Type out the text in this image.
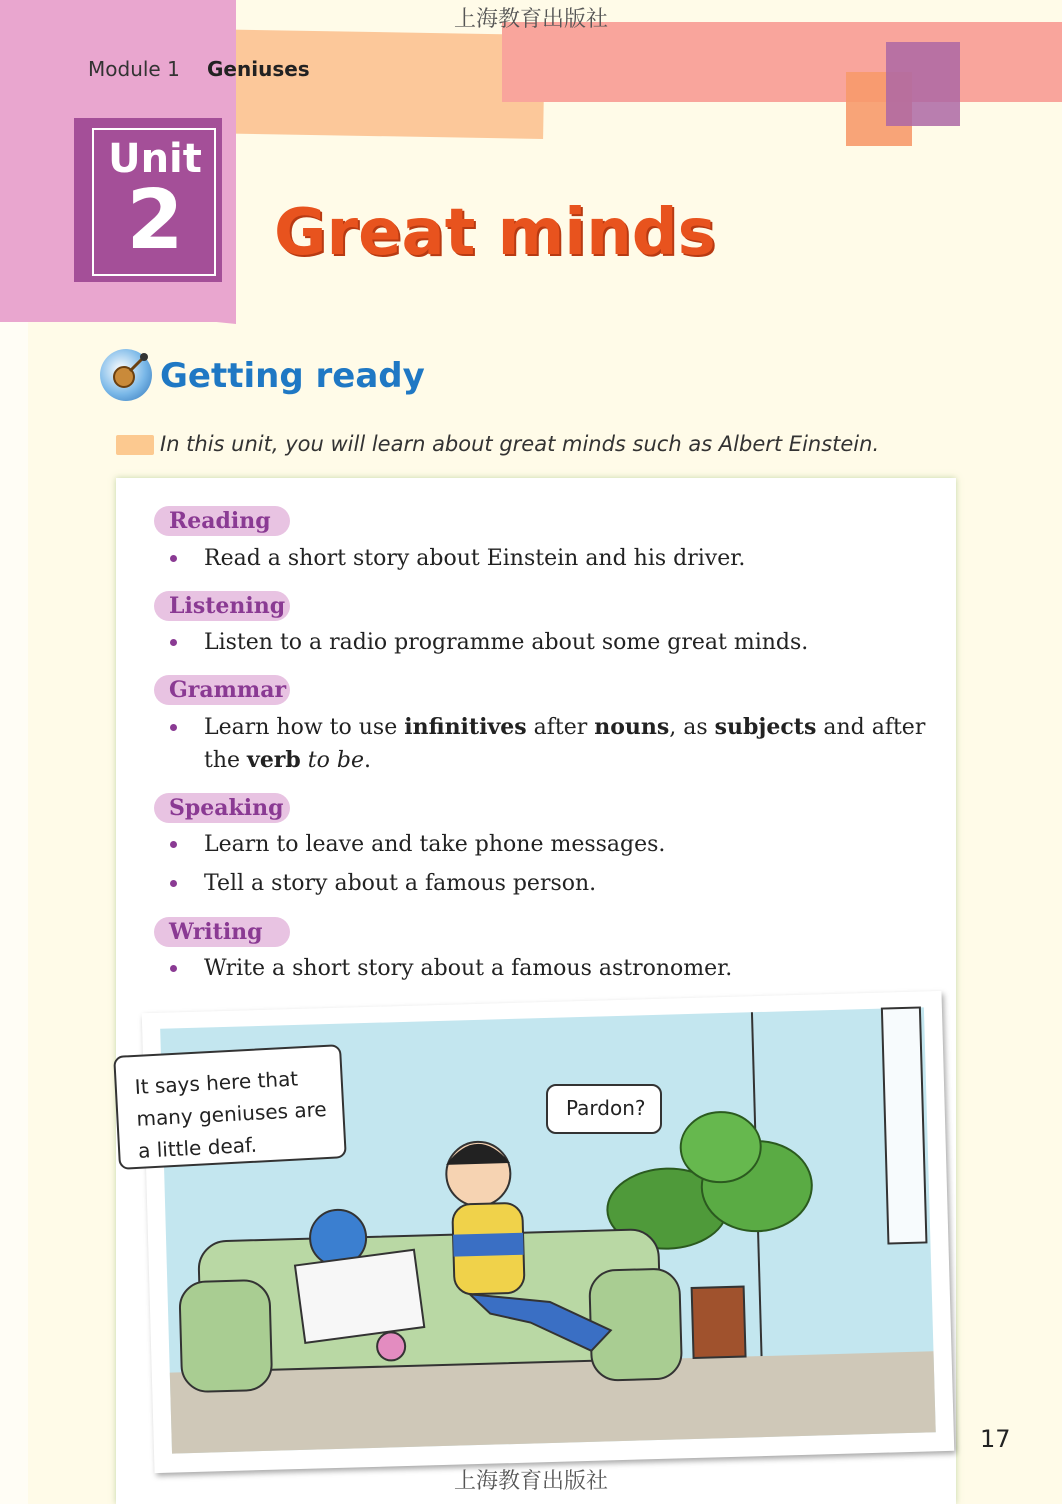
上海教育出版社
Module 1 Geniuses
Unit
2	Great minds
Getting ready
In this unit, you will learn about great minds such as Albert Einstein.
Reading
Read a short story about Einstein and his driver.
Listening
Listen to a radio programme about some great minds.
Grammar
Learn how to use infinitives after nouns, as subjects and after
the verb to be.
Speaking
Learn to leave and take phone messages.
Tell a story about a famous person.
Writing
Write a short story about a famous astronomer.
It says here that
many geniuses are
a little deaf.
Pardon?
17
上海教育出版社
